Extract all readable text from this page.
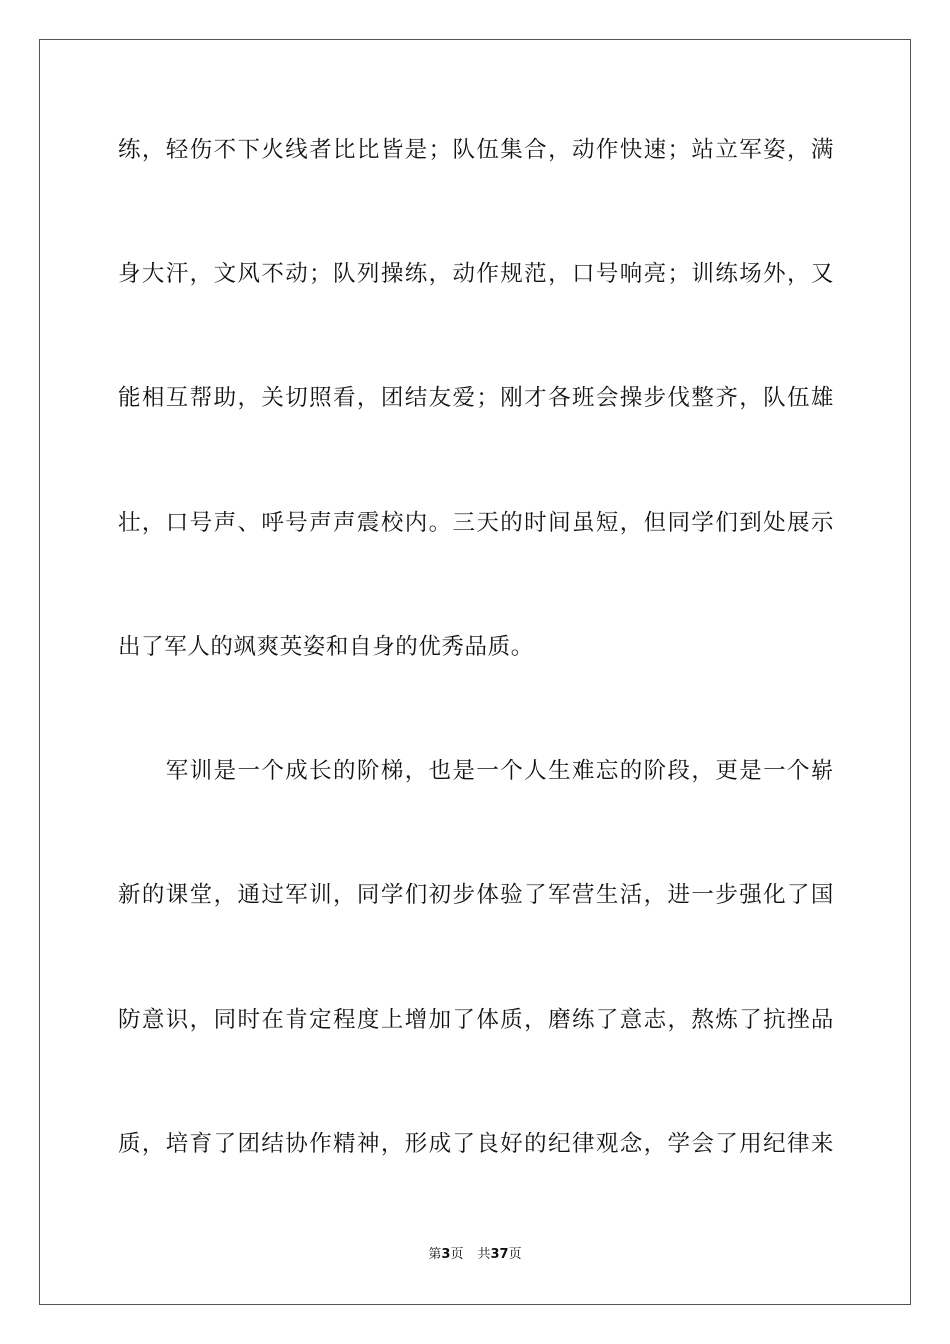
练，轻伤不下火线者比比皆是；队伍集合，动作快速；站立军姿，满
身大汗，文风不动；队列操练，动作规范，口号响亮；训练场外，又
能相互帮助，关切照看，团结友爱；刚才各班会操步伐整齐，队伍雄
壮，口号声、呼号声声震校内。三天的时间虽短，但同学们到处展示
出了军人的飒爽英姿和自身的优秀品质。
　　军训是一个成长的阶梯，也是一个人生难忘的阶段，更是一个崭
新的课堂，通过军训，同学们初步体验了军营生活，进一步强化了国
防意识，同时在肯定程度上增加了体质，磨练了意志，熬炼了抗挫品
质，培育了团结协作精神，形成了良好的纪律观念，学会了用纪律来
第3页 共37页
